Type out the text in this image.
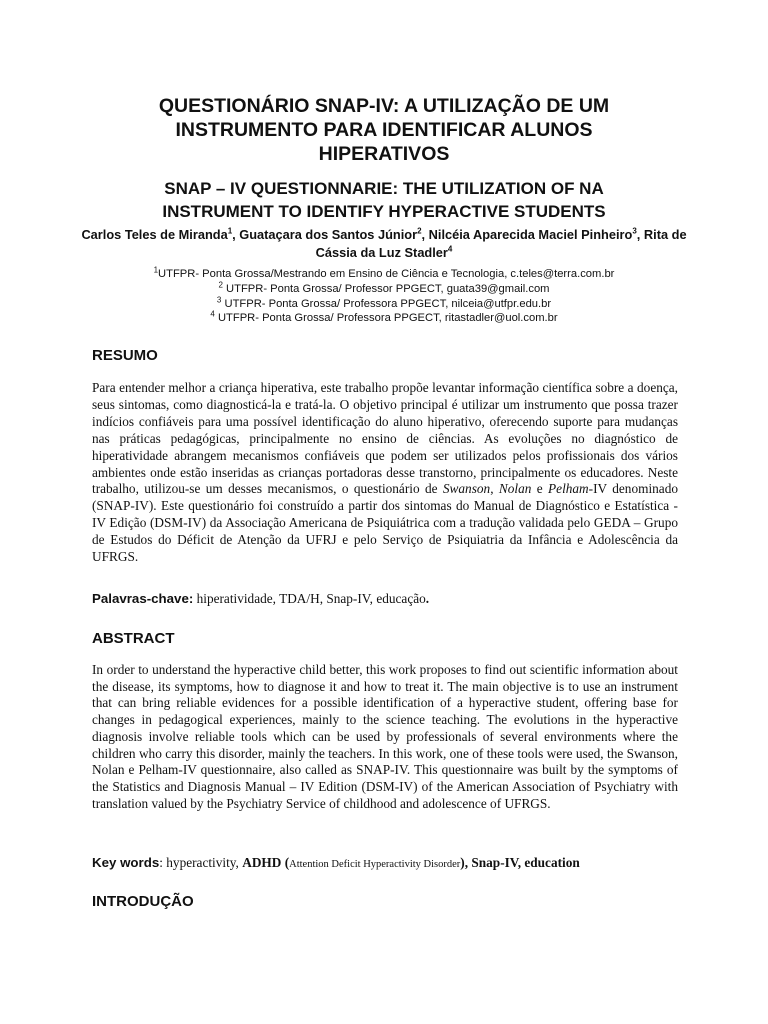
QUESTIONÁRIO SNAP-IV: A UTILIZAÇÃO DE UM
INSTRUMENTO PARA IDENTIFICAR ALUNOS
HIPERATIVOS
SNAP – IV QUESTIONNARIE: THE UTILIZATION OF NA
INSTRUMENT TO IDENTIFY HYPERACTIVE STUDENTS
Carlos Teles de Miranda$^1$, Guataçara dos Santos Júnior$^2$, Nilcéia Aparecida Maciel Pinheiro$^3$, Rita de Cássia da Luz Stadler$^4$
$^1$UTFPR- Ponta Grossa/Mestrando em Ensino de Ciência e Tecnologia, c.teles@terra.com.br
$^2$ UTFPR- Ponta Grossa/ Professor PPGECT, guata39@gmail.com
$^3$ UTFPR- Ponta Grossa/ Professora PPGECT, nilceia@utfpr.edu.br
$^4$ UTFPR- Ponta Grossa/ Professora PPGECT, ritastadler@uol.com.br
RESUMO
Para entender melhor a criança hiperativa, este trabalho propõe levantar informação científica sobre a doença, seus sintomas, como diagnosticá-la e tratá-la. O objetivo principal é utilizar um instrumento que possa trazer indícios confiáveis para uma possível identificação do aluno hiperativo, oferecendo suporte para mudanças nas práticas pedagógicas, principalmente no ensino de ciências. As evoluções no diagnóstico de hiperatividade abrangem mecanismos confiáveis que podem ser utilizados pelos profissionais dos vários ambientes onde estão inseridas as crianças portadoras desse transtorno, principalmente os educadores. Neste trabalho, utilizou-se um desses mecanismos, o questionário de Swanson, Nolan e Pelham-IV denominado (SNAP-IV). Este questionário foi construído a partir dos sintomas do Manual de Diagnóstico e Estatística - IV Edição (DSM-IV) da Associação Americana de Psiquiátrica com a tradução validada pelo GEDA – Grupo de Estudos do Déficit de Atenção da UFRJ e pelo Serviço de Psiquiatria da Infância e Adolescência da UFRGS.
Palavras-chave: hiperatividade, TDA/H, Snap-IV, educação.
ABSTRACT
In order to understand the hyperactive child better, this work proposes to find out scientific information about the disease, its symptoms, how to diagnose it and how to treat it. The main objective is to use an instrument that can bring reliable evidences for a possible identification of a hyperactive student, offering base for changes in pedagogical experiences, mainly to the science teaching. The evolutions in the hyperactive diagnosis involve reliable tools which can be used by professionals of several environments where the children who carry this disorder, mainly the teachers. In this work, one of these tools were used, the Swanson, Nolan e Pelham-IV questionnaire, also called as SNAP-IV. This questionnaire was built by the symptoms of the Statistics and Diagnosis Manual – IV Edition (DSM-IV) of the American Association of Psychiatry with translation valued by the Psychiatry Service of childhood and adolescence of UFRGS.
Key words: hyperactivity, ADHD (Attention Deficit Hyperactivity Disorder), Snap-IV, education
INTRODUÇÃO
